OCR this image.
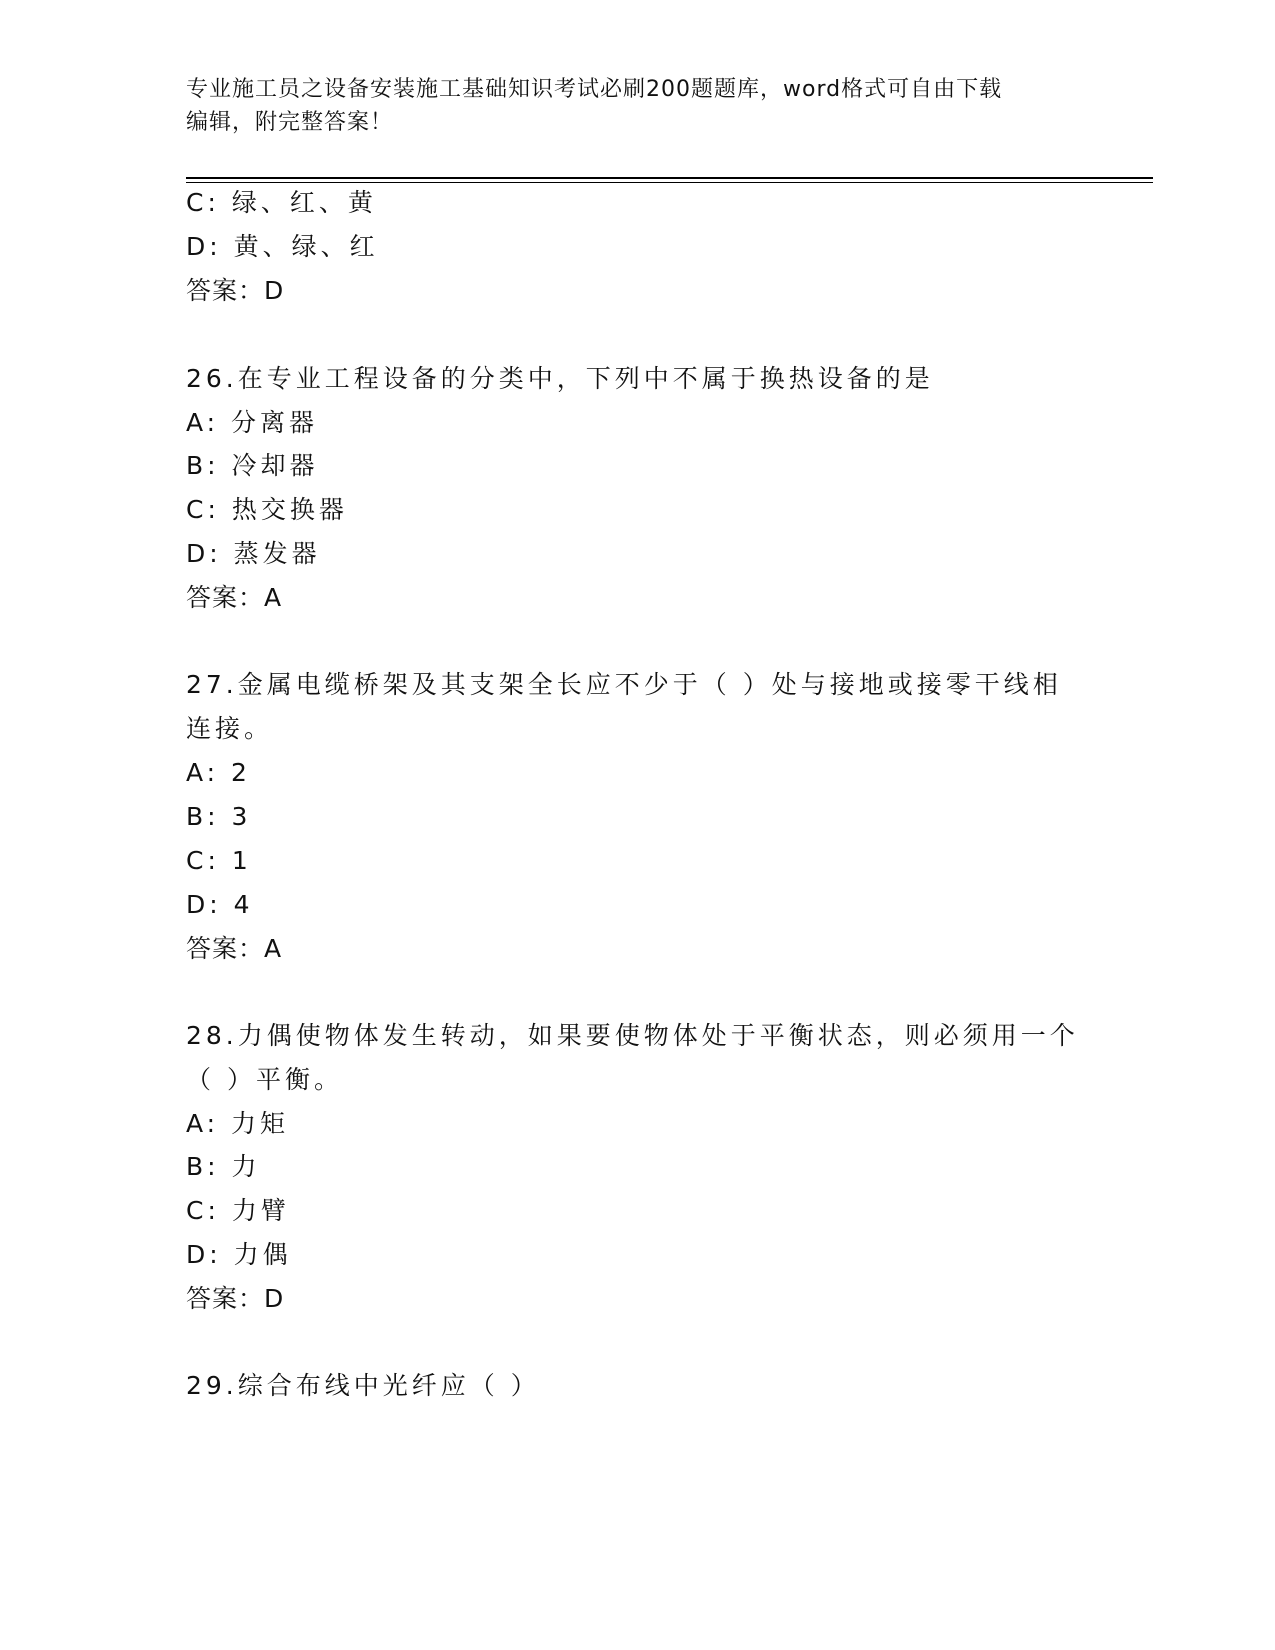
专业施工员之设备安装施工基础知识考试必刷200题题库，word格式可自由下载
编辑，附完整答案！
C: 绿、红、黄
D: 黄、绿、红
答案：D
26.在专业工程设备的分类中，下列中不属于换热设备的是
A: 分离器
B: 冷却器
C: 热交换器
D: 蒸发器
答案：A
27.金属电缆桥架及其支架全长应不少于（ ）处与接地或接零干线相
连接。
A: 2
B: 3
C: 1
D: 4
答案：A
28.力偶使物体发生转动，如果要使物体处于平衡状态，则必须用一个
（ ）平衡。
A: 力矩
B: 力
C: 力臂
D: 力偶
答案：D
29.综合布线中光纤应（ ）
